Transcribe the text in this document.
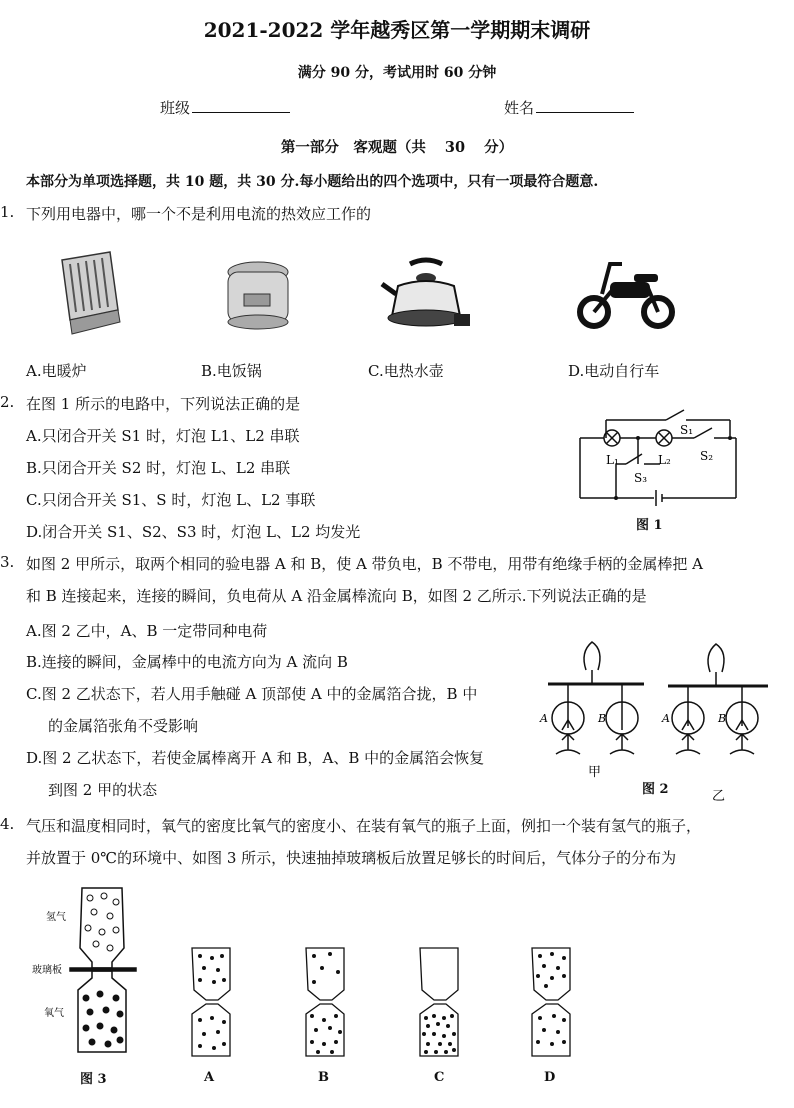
2021-2022 学年越秀区第一学期期末调研
满分 90 分，考试用时 60 分钟
班级	姓名
第一部分　客观题（共 30 分）
本部分为单项选择题，共 10 题，共 30 分.每小题给出的四个选项中，只有一项最符合题意.
1. 下列用电器中，哪一个不是利用电流的热效应工作的
A.电暖炉	B.电饭锅	C.电热水壶	D.电动自行车
2. 在图 1 所示的电路中，下列说法正确的是
A.只闭合开关 S1 时，灯泡 L1、L2 串联
B.只闭合开关 S2 时，灯泡 L、L2 串联
C.只闭合开关 S1、S 时，灯泡 L、L2 事联
D.闭合开关 S1、S2、S3 时，灯泡 L、L2 均发光
L₁	L₂
S₁
S₂
S₃
图 1
3. 如图 2 甲所示，取两个相同的验电器 A 和 B，使 A 带负电，B 不带电，用带有绝缘手柄的金属棒把 A
和 B 连接起来，连接的瞬间，负电荷从 A 沿金属棒流向 B，如图 2 乙所示.下列说法正确的是
A.图 2 乙中，A、B 一定带同种电荷
B.连接的瞬间，金属棒中的电流方向为 A 流向 B
C.图 2 乙状态下，若人用手触碰 A 顶部使 A 中的金属箔合拢，B 中
的金属箔张角不受影响
D.图 2 乙状态下，若使金属棒离开 A 和 B，A、B 中的金属箔会恢复
到图 2 甲的状态
A	B	A	B
甲
乙
图 2
4. 气压和温度相同时，氧气的密度比氧气的密度小、在装有氧气的瓶子上面，例扣一个装有氢气的瓶子，
并放置于 0℃的环境中、如图 3 所示，快速抽掉玻璃板后放置足够长的时间后，气体分子的分布为
氢气
玻璃板
氧气
图 3	A	B	C	D
